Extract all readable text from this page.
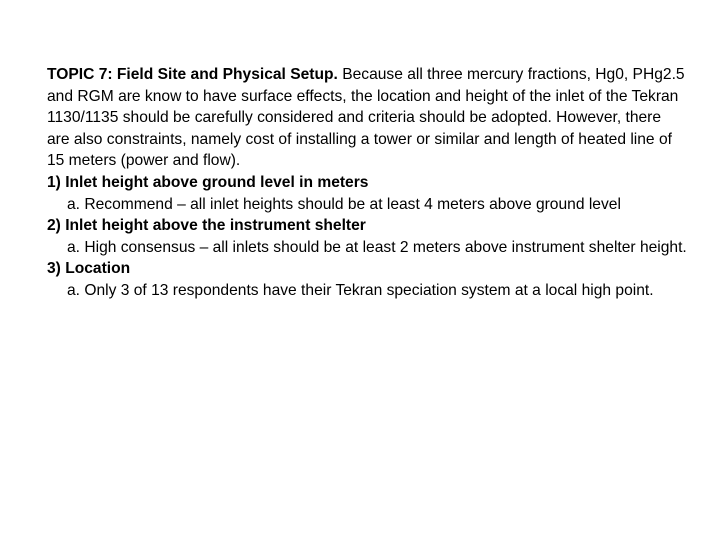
TOPIC 7: Field Site and Physical Setup. Because all three mercury fractions, Hg0, PHg2.5 and RGM are know to have surface effects, the location and height of the inlet of the Tekran 1130/1135 should be carefully considered and criteria should be adopted. However, there are also constraints, namely cost of installing a tower or similar and length of heated line of 15 meters (power and flow).

1) Inlet height above ground level in meters

a. Recommend – all inlet heights should be at least 4 meters above ground level

2) Inlet height above the instrument shelter

a. High consensus – all inlets should be at least 2 meters above instrument shelter height.

3) Location

a. Only 3 of 13 respondents have their Tekran speciation system at a local high point.
